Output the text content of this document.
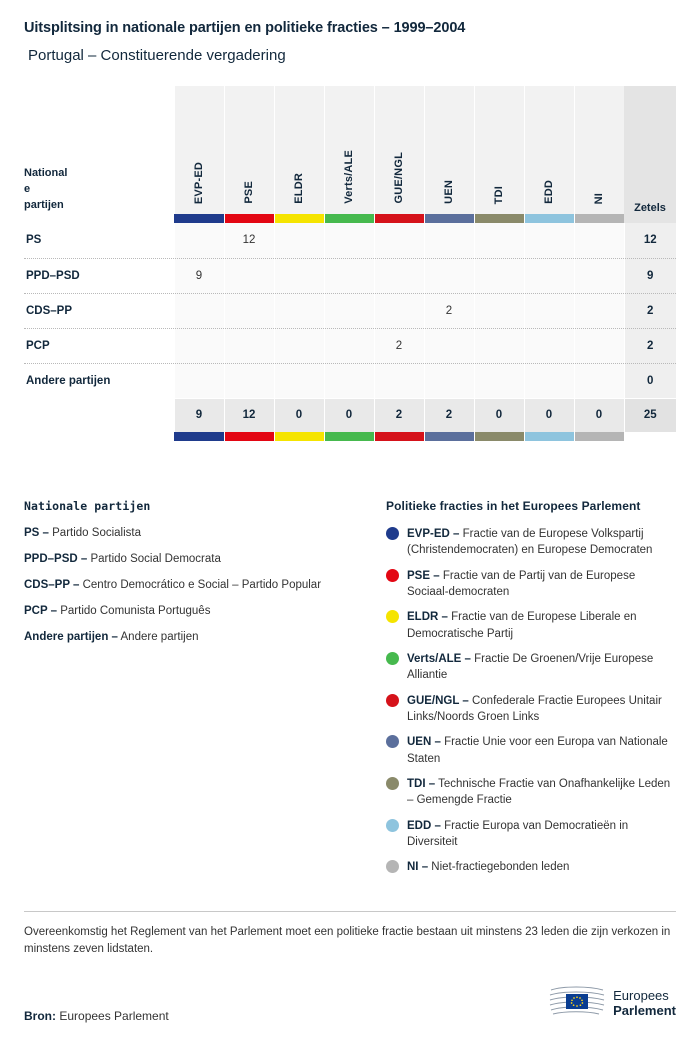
Uitsplitsing in nationale partijen en politieke fracties – 1999–2004
Portugal – Constituerende vergadering
National
e
partijen	EVP-ED	PSE	ELDR	Verts/ALE	GUE/NGL	UEN	TDI	EDD	NI	Zetels

PS		12								12
PPD–PSD	9									9
CDS–PP						2				2
PCP					2					2
Andere partijen										0
	9	12	0	0	2	2	0	0	0	25

Nationale partijen
PS – Partido Socialista
PPD–PSD – Partido Social Democrata
CDS–PP – Centro Democrático e Social – Partido Popular
PCP – Partido Comunista Português
Andere partijen – Andere partijen
Politieke fracties in het Europees Parlement
EVP-ED – Fractie van de Europese Volkspartij (Christendemocraten) en Europese Democraten
PSE – Fractie van de Partij van de Europese Sociaal-democraten
ELDR – Fractie van de Europese Liberale en Democratische Partij
Verts/ALE – Fractie De Groenen/Vrije Europese Alliantie
GUE/NGL – Confederale Fractie Europees Unitair Links/Noords Groen Links
UEN – Fractie Unie voor een Europa van Nationale Staten
TDI – Technische Fractie van Onafhankelijke Leden – Gemengde Fractie
EDD – Fractie Europa van Democratieën in Diversiteit
NI – Niet-fractiegebonden leden
Overeenkomstig het Reglement van het Parlement moet een politieke fractie bestaan uit minstens 23 leden die zijn verkozen in minstens zeven lidstaten.
Bron: Europees Parlement
Europees
Parlement
